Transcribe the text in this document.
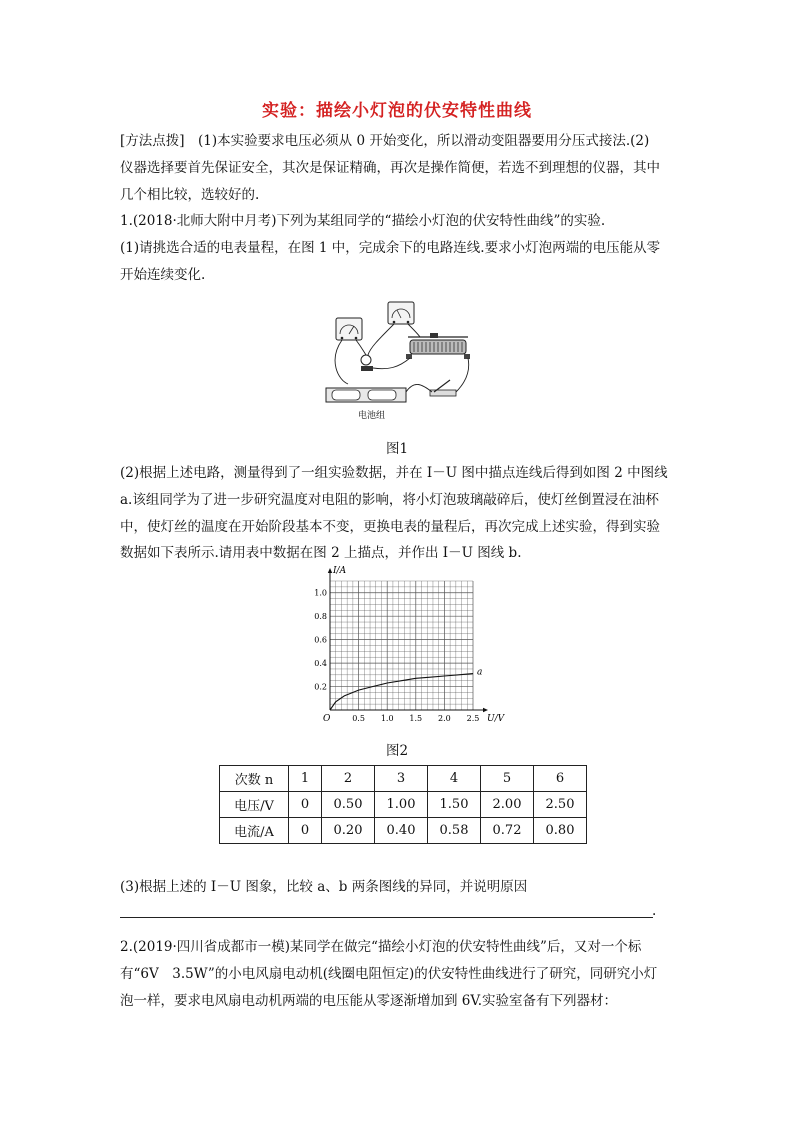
实验：描绘小灯泡的伏安特性曲线
[方法点拨]　(1)本实验要求电压必须从 0 开始变化，所以滑动变阻器要用分压式接法.(2)
仪器选择要首先保证安全，其次是保证精确，再次是操作简便，若选不到理想的仪器，其中
几个相比较，选较好的.
1.(2018·北师大附中月考)下列为某组同学的“描绘小灯泡的伏安特性曲线”的实验.
(1)请挑选合适的电表量程，在图 1 中，完成余下的电路连线.要求小灯泡两端的电压能从零
开始连续变化.
电池组
图1
(2)根据上述电路，测量得到了一组实验数据，并在 I－U 图中描点连线后得到如图 2 中图线
a.该组同学为了进一步研究温度对电阻的影响，将小灯泡玻璃敲碎后，使灯丝倒置浸在油杯
中，使灯丝的温度在开始阶段基本不变，更换电表的量程后，再次完成上述实验，得到实验
数据如下表所示.请用表中数据在图 2 上描点，并作出 I－U 图线 b.
0.2
0.4
0.6
0.8
1.0
0.5 1.0 1.5 2.0 2.5
a
I/A
U/V
O
图2
次数 n	1	2	3	4	5	6
电压/V	0	0.50	1.00	1.50	2.00	2.50
电流/A	0	0.20	0.40	0.58	0.72	0.80
(3)根据上述的 I－U 图象，比较 a、b 两条图线的异同，并说明原因
.
2.(2019·四川省成都市一模)某同学在做完“描绘小灯泡的伏安特性曲线”后，又对一个标
有“6V　3.5W”的小电风扇电动机(线圈电阻恒定)的伏安特性曲线进行了研究，同研究小灯
泡一样，要求电风扇电动机两端的电压能从零逐渐增加到 6V.实验室备有下列器材：
